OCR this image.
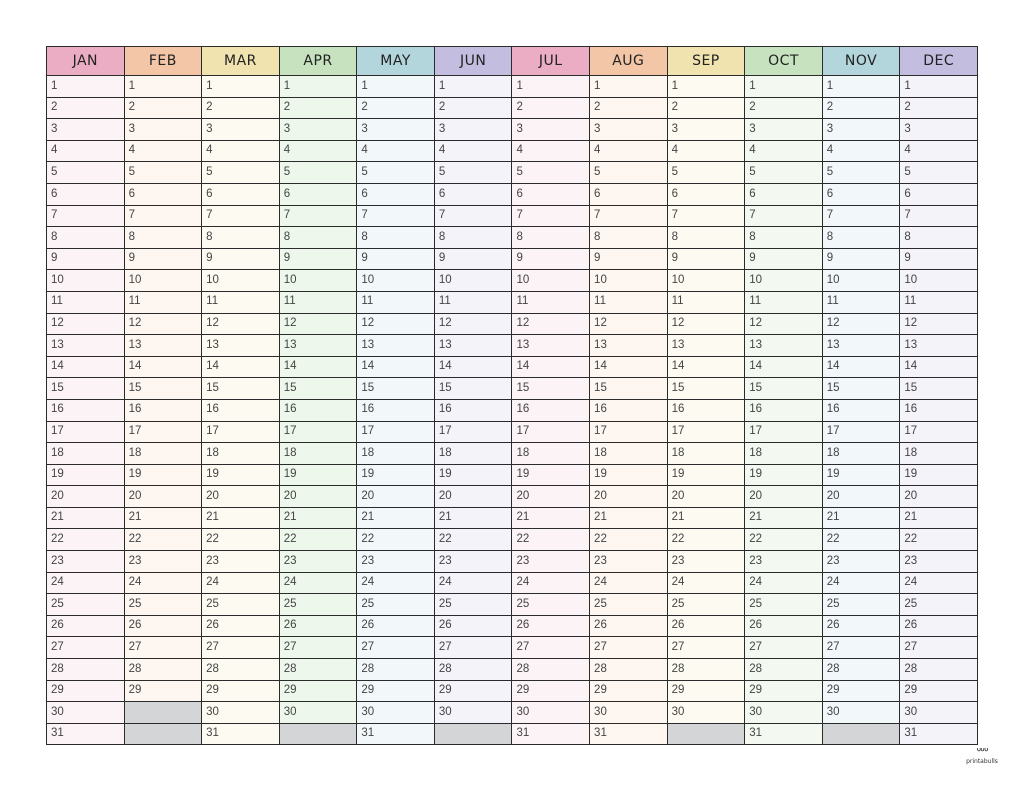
JAN	FEB	MAR	APR	MAY	JUN	JUL	AUG	SEP	OCT	NOV	DEC
1	1	1	1	1	1	1	1	1	1	1	1
2	2	2	2	2	2	2	2	2	2	2	2
3	3	3	3	3	3	3	3	3	3	3	3
4	4	4	4	4	4	4	4	4	4	4	4
5	5	5	5	5	5	5	5	5	5	5	5
6	6	6	6	6	6	6	6	6	6	6	6
7	7	7	7	7	7	7	7	7	7	7	7
8	8	8	8	8	8	8	8	8	8	8	8
9	9	9	9	9	9	9	9	9	9	9	9
10	10	10	10	10	10	10	10	10	10	10	10
11	11	11	11	11	11	11	11	11	11	11	11
12	12	12	12	12	12	12	12	12	12	12	12
13	13	13	13	13	13	13	13	13	13	13	13
14	14	14	14	14	14	14	14	14	14	14	14
15	15	15	15	15	15	15	15	15	15	15	15
16	16	16	16	16	16	16	16	16	16	16	16
17	17	17	17	17	17	17	17	17	17	17	17
18	18	18	18	18	18	18	18	18	18	18	18
19	19	19	19	19	19	19	19	19	19	19	19
20	20	20	20	20	20	20	20	20	20	20	20
21	21	21	21	21	21	21	21	21	21	21	21
22	22	22	22	22	22	22	22	22	22	22	22
23	23	23	23	23	23	23	23	23	23	23	23
24	24	24	24	24	24	24	24	24	24	24	24
25	25	25	25	25	25	25	25	25	25	25	25
26	26	26	26	26	26	26	26	26	26	26	26
27	27	27	27	27	27	27	27	27	27	27	27
28	28	28	28	28	28	28	28	28	28	28	28
29	29	29	29	29	29	29	29	29	29	29	29
30		30	30	30	30	30	30	30	30	30	30
31		31		31		31	31		31		31
ᐡᐡᐡ
printabulls
